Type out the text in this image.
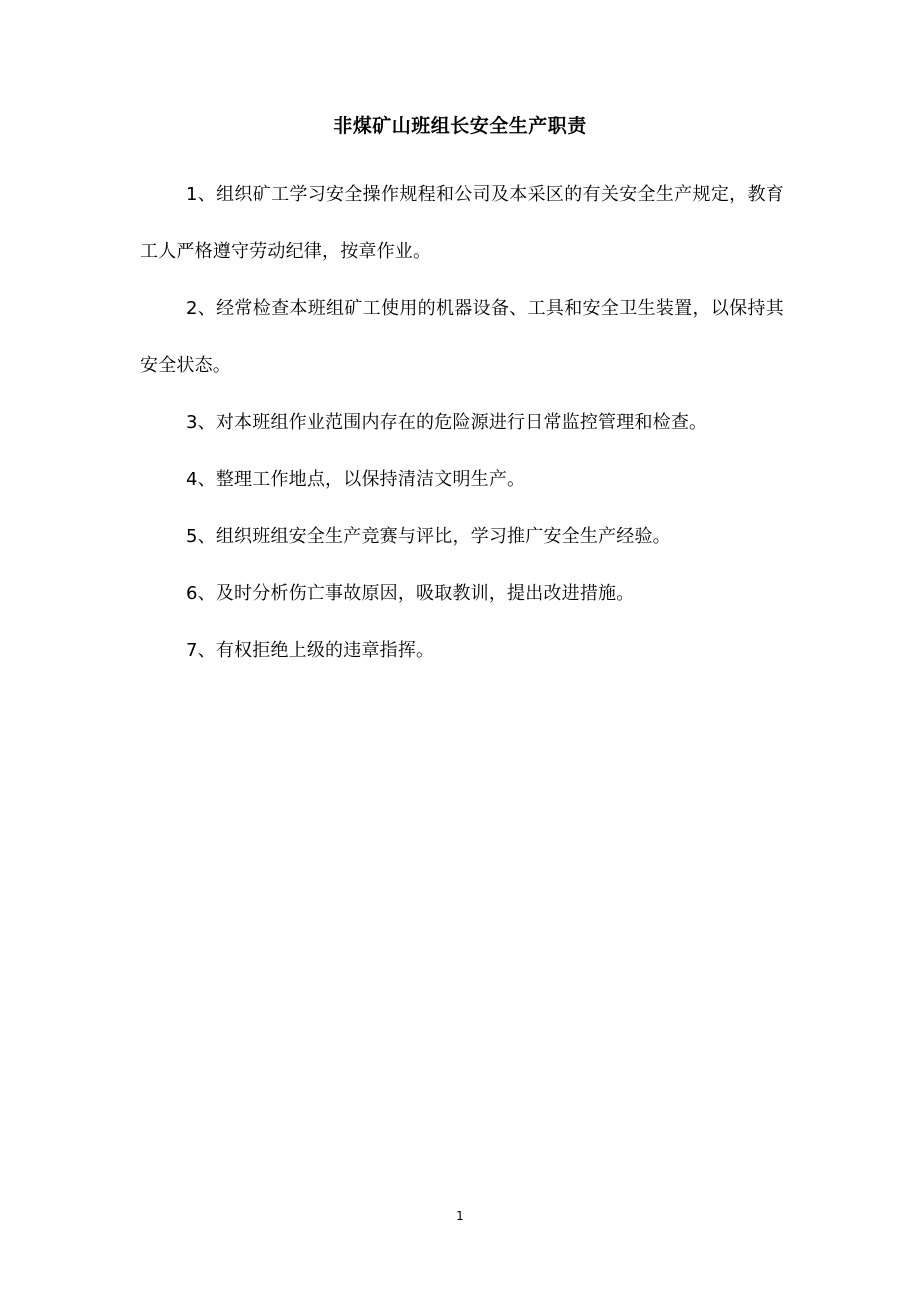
非煤矿山班组长安全生产职责

1、组织矿工学习安全操作规程和公司及本采区的有关安全生产规定，教育工人严格遵守劳动纪律，按章作业。

2、经常检查本班组矿工使用的机器设备、工具和安全卫生装置，以保持其安全状态。

3、对本班组作业范围内存在的危险源进行日常监控管理和检查。

4、整理工作地点，以保持清洁文明生产。

5、组织班组安全生产竞赛与评比，学习推广安全生产经验。

6、及时分析伤亡事故原因，吸取教训，提出改进措施。

7、有权拒绝上级的违章指挥。

1
